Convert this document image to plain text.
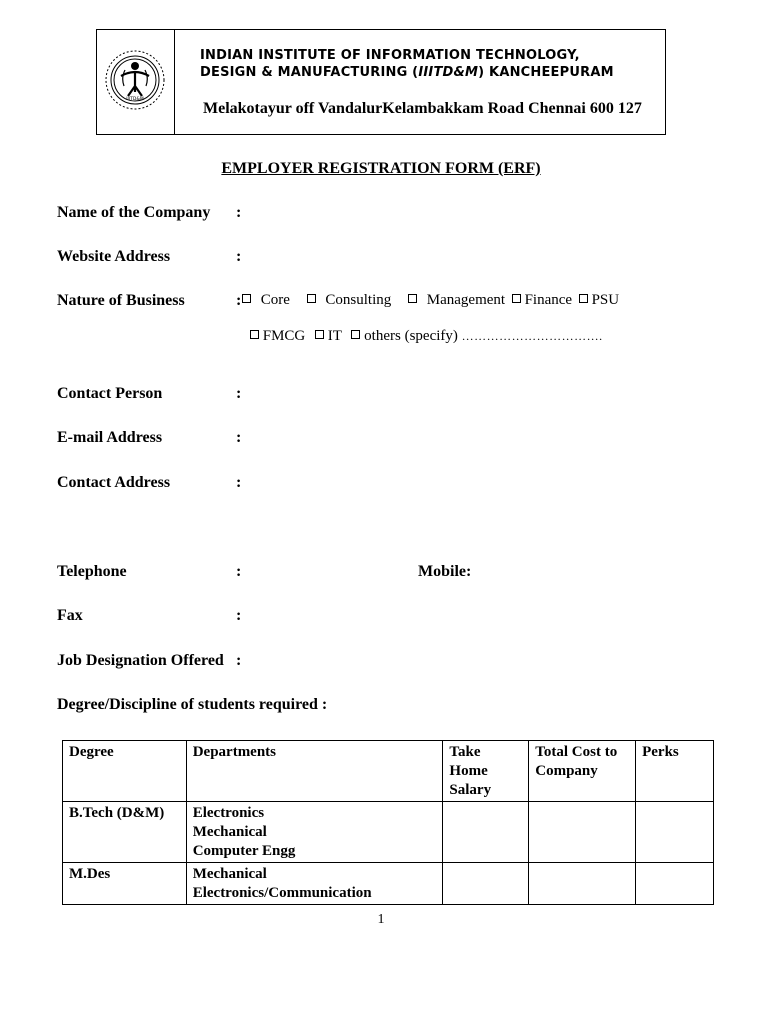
IIITD&M
INDIAN INSTITUTE OF INFORMATION TECHNOLOGY,
DESIGN & MANUFACTURING (IIITD&M) KANCHEEPURAM
Melakotayur off VandalurKelambakkam Road Chennai 600 127
EMPLOYER REGISTRATION FORM (ERF)
Name of the Company :
Website Address	:
Nature of Business	:	Core Consulting Management Finance PSU
FMCG IT others (specify) …………………………….
Contact Person	:
E-mail Address	:
Contact Address	:
Telephone	:	Mobile:
Fax	:
Job Designation Offered :
Degree/Discipline of students required :
Degree	Departments	Take Home Salary	Total Cost to Company	Perks
B.Tech (D&M)	Electronics
Mechanical
Computer Engg			

M.Des	Mechanical
Electronics/Communication			

1
